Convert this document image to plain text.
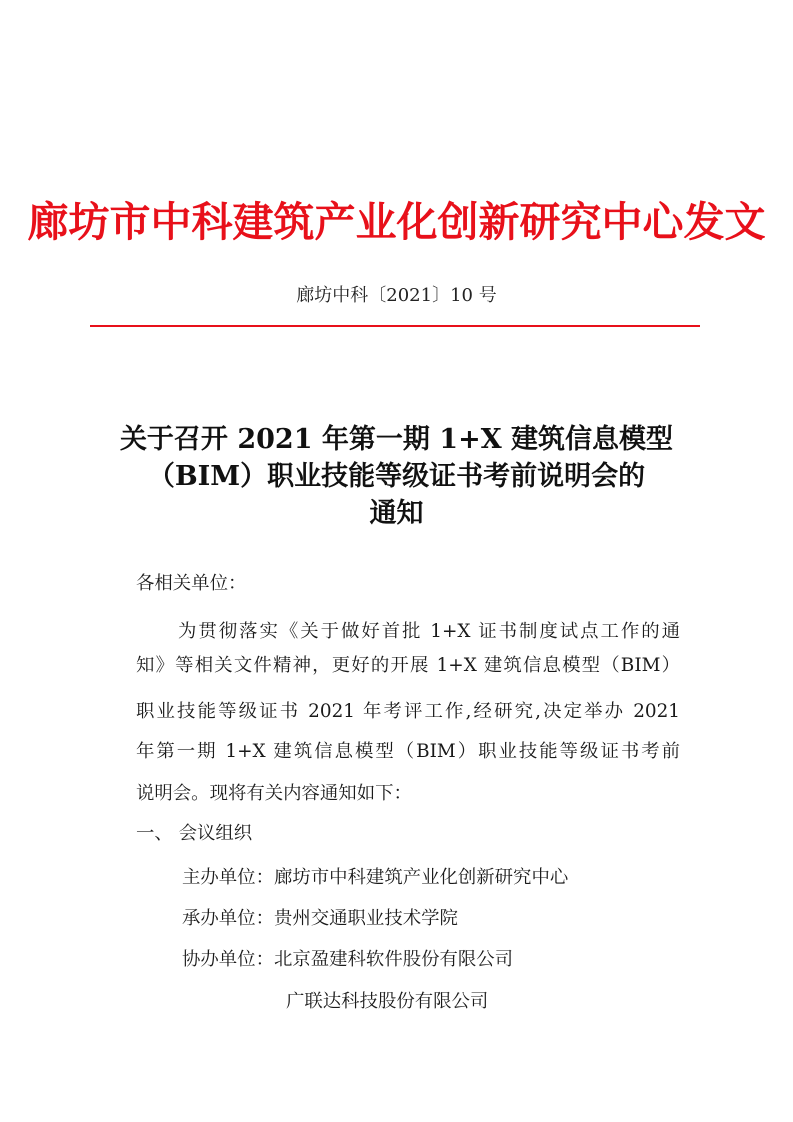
廊坊市中科建筑产业化创新研究中心发文
廊坊中科〔2021〕10 号
关于召开 2021 年第一期 1+X 建筑信息模型
（BIM）职业技能等级证书考前说明会的
通知
各相关单位：
为贯彻落实《关于做好首批 1+X 证书制度试点工作的通
知》等相关文件精神，更好的开展 1+X 建筑信息模型（BIM）
职业技能等级证书 2021 年考评工作,经研究,决定举办 2021
年第一期 1+X 建筑信息模型（BIM）职业技能等级证书考前
说明会。现将有关内容通知如下：
一、 会议组织
主办单位：廊坊市中科建筑产业化创新研究中心
承办单位：贵州交通职业技术学院
协办单位：北京盈建科软件股份有限公司
广联达科技股份有限公司
